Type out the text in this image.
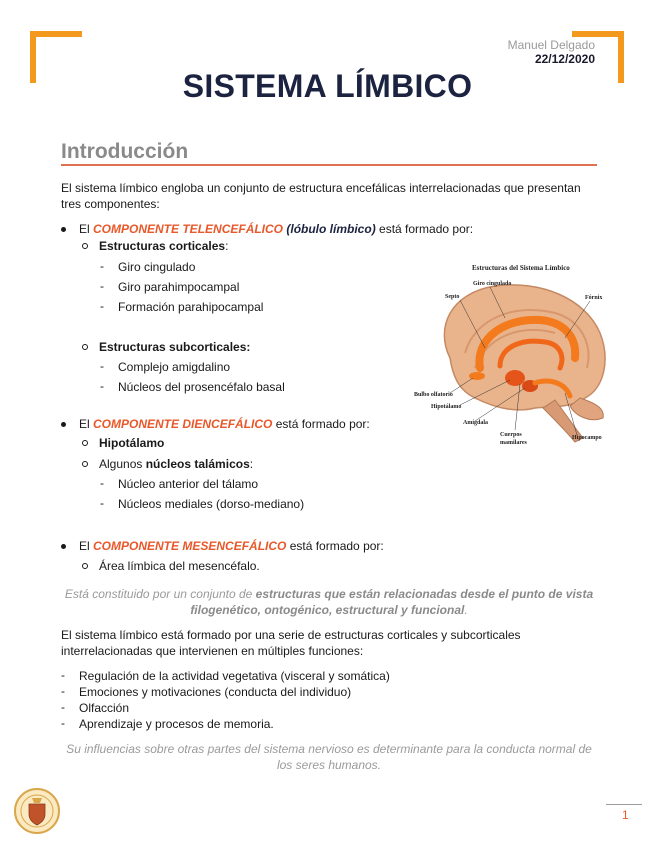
Manuel Delgado
22/12/2020
SISTEMA LÍMBICO
Introducción
El sistema límbico engloba un conjunto de estructura encefálicas interrelacionadas que presentan tres componentes:
El COMPONENTE TELENCEFÁLICO (lóbulo límbico) está formado por:
Estructuras corticales:
- Giro cingulado
- Giro parahimpocampal
- Formación parahipocampal
Estructuras subcorticales:
- Complejo amigdalino
- Núcleos del prosencéfalo basal
El COMPONENTE DIENCEFÁLICO está formado por:
Hipotálamo
Algunos núcleos talámicos:
- Núcleo anterior del tálamo
- Núcleos mediales (dorso-mediano)
El COMPONENTE MESENCEFÁLICO está formado por:
Área límbica del mesencéfalo.
Está constituido por un conjunto de estructuras que están relacionadas desde el punto de vista
filogenético, ontogénico, estructural y funcional.
El sistema límbico está formado por una serie de estructuras corticales y subcorticales interrelacionadas que intervienen en múltiples funciones:
- Regulación de la actividad vegetativa (visceral y somática)
- Emociones y motivaciones (conducta del individuo)
- Olfacción
- Aprendizaje y procesos de memoria.
Su influencias sobre otras partes del sistema nervioso es determinante para la conducta normal de los seres humanos.
Estructuras del Sistema Límbico
Giro cingulado
Septo	Fórnix
Bulbo olfatorio
Hipotálamo
Amígdala
Cuerpos
mamilares
Hipocampo
1
